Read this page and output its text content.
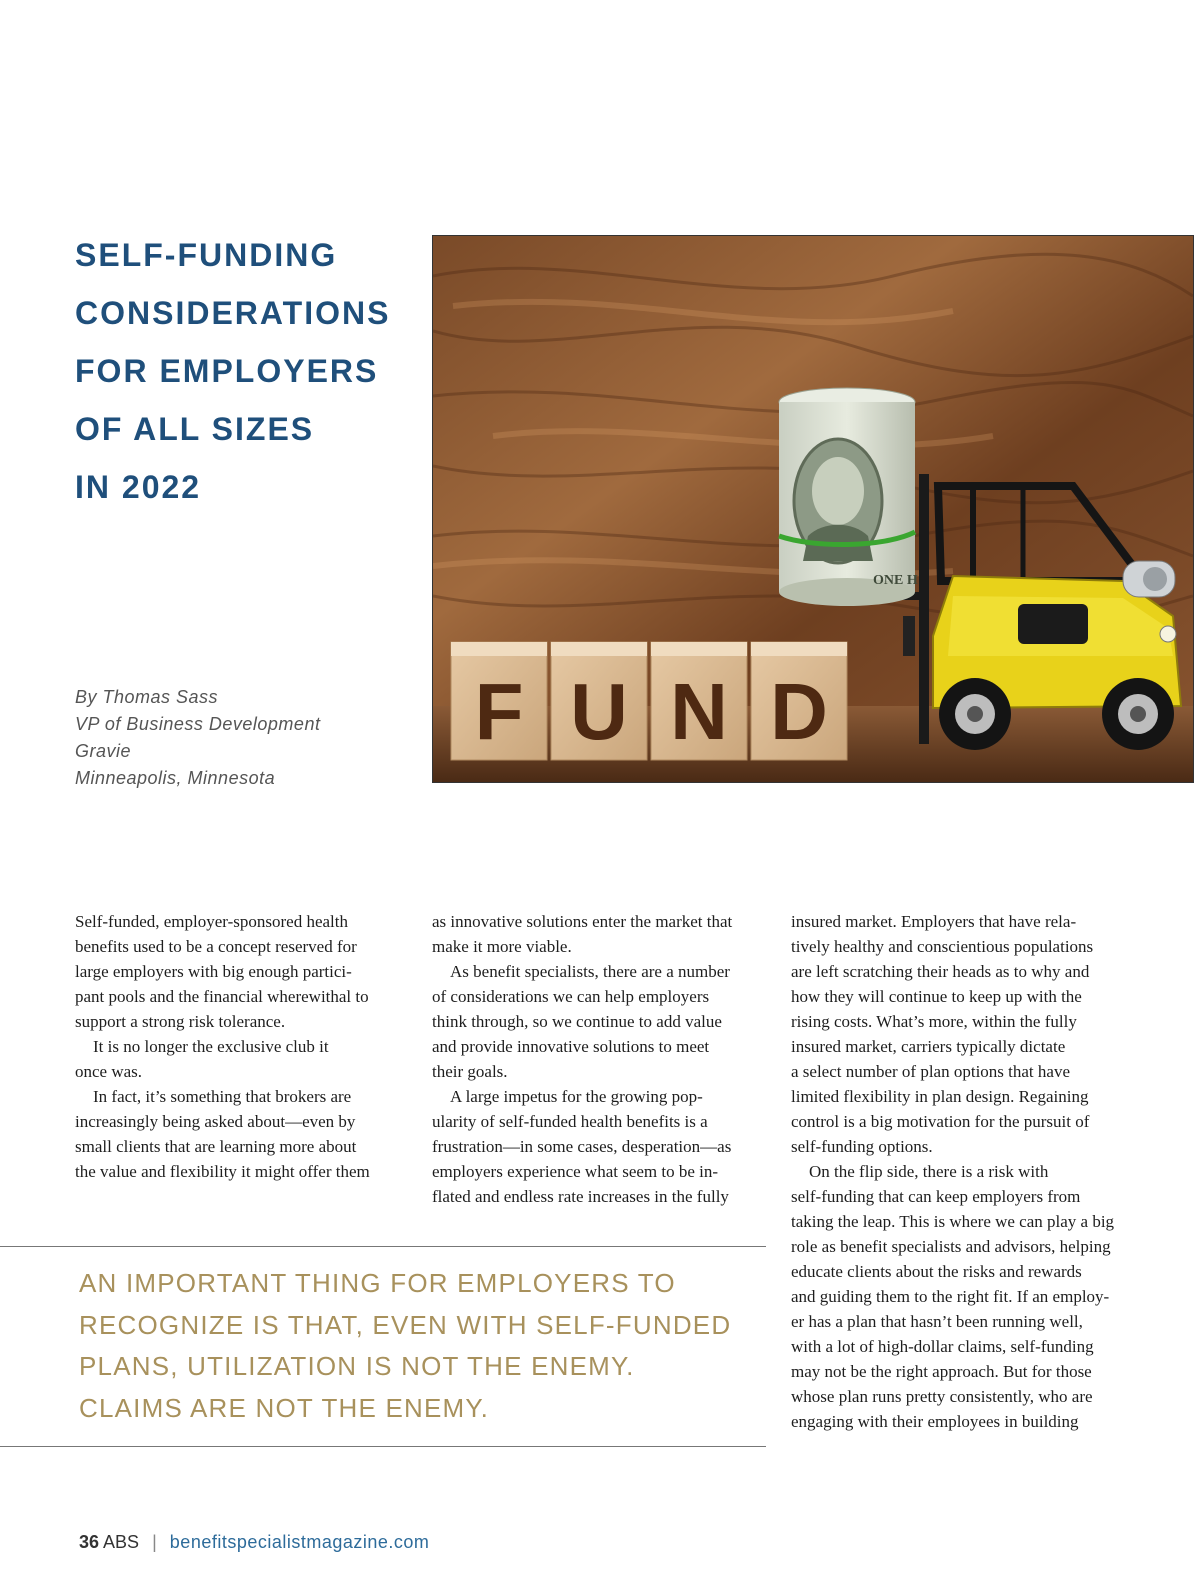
SELF-FUNDING
CONSIDERATIONS
FOR EMPLOYERS
OF ALL SIZES
IN 2022
By Thomas Sass
VP of Business Development
Gravie
Minneapolis, Minnesota
F U N D
ONE H
Self-funded, employer-sponsored health
benefits used to be a concept reserved for
large employers with big enough partici-
pant pools and the financial wherewithal to
support a strong risk tolerance.
It is no longer the exclusive club it
once was.
In fact, it’s something that brokers are
increasingly being asked about—even by
small clients that are learning more about
the value and flexibility it might offer them
as innovative solutions enter the market that
make it more viable.
As benefit specialists, there are a number
of considerations we can help employers
think through, so we continue to add value
and provide innovative solutions to meet
their goals.
A large impetus for the growing pop-
ularity of self-funded health benefits is a
frustration—in some cases, desperation—as
employers experience what seem to be in-
flated and endless rate increases in the fully
insured market. Employers that have rela-
tively healthy and conscientious populations
are left scratching their heads as to why and
how they will continue to keep up with the
rising costs. What’s more, within the fully
insured market, carriers typically dictate
a select number of plan options that have
limited flexibility in plan design. Regaining
control is a big motivation for the pursuit of
self-funding options.
On the flip side, there is a risk with
self-funding that can keep employers from
taking the leap. This is where we can play a big
role as benefit specialists and advisors, helping
educate clients about the risks and rewards
and guiding them to the right fit. If an employ-
er has a plan that hasn’t been running well,
with a lot of high-dollar claims, self-funding
may not be the right approach. But for those
whose plan runs pretty consistently, who are
engaging with their employees in building
AN IMPORTANT THING FOR EMPLOYERS TO
RECOGNIZE IS THAT, EVEN WITH SELF-FUNDED
PLANS, UTILIZATION IS NOT THE ENEMY.
CLAIMS ARE NOT THE ENEMY.
36 ABS | benefitspecialistmagazine.com
